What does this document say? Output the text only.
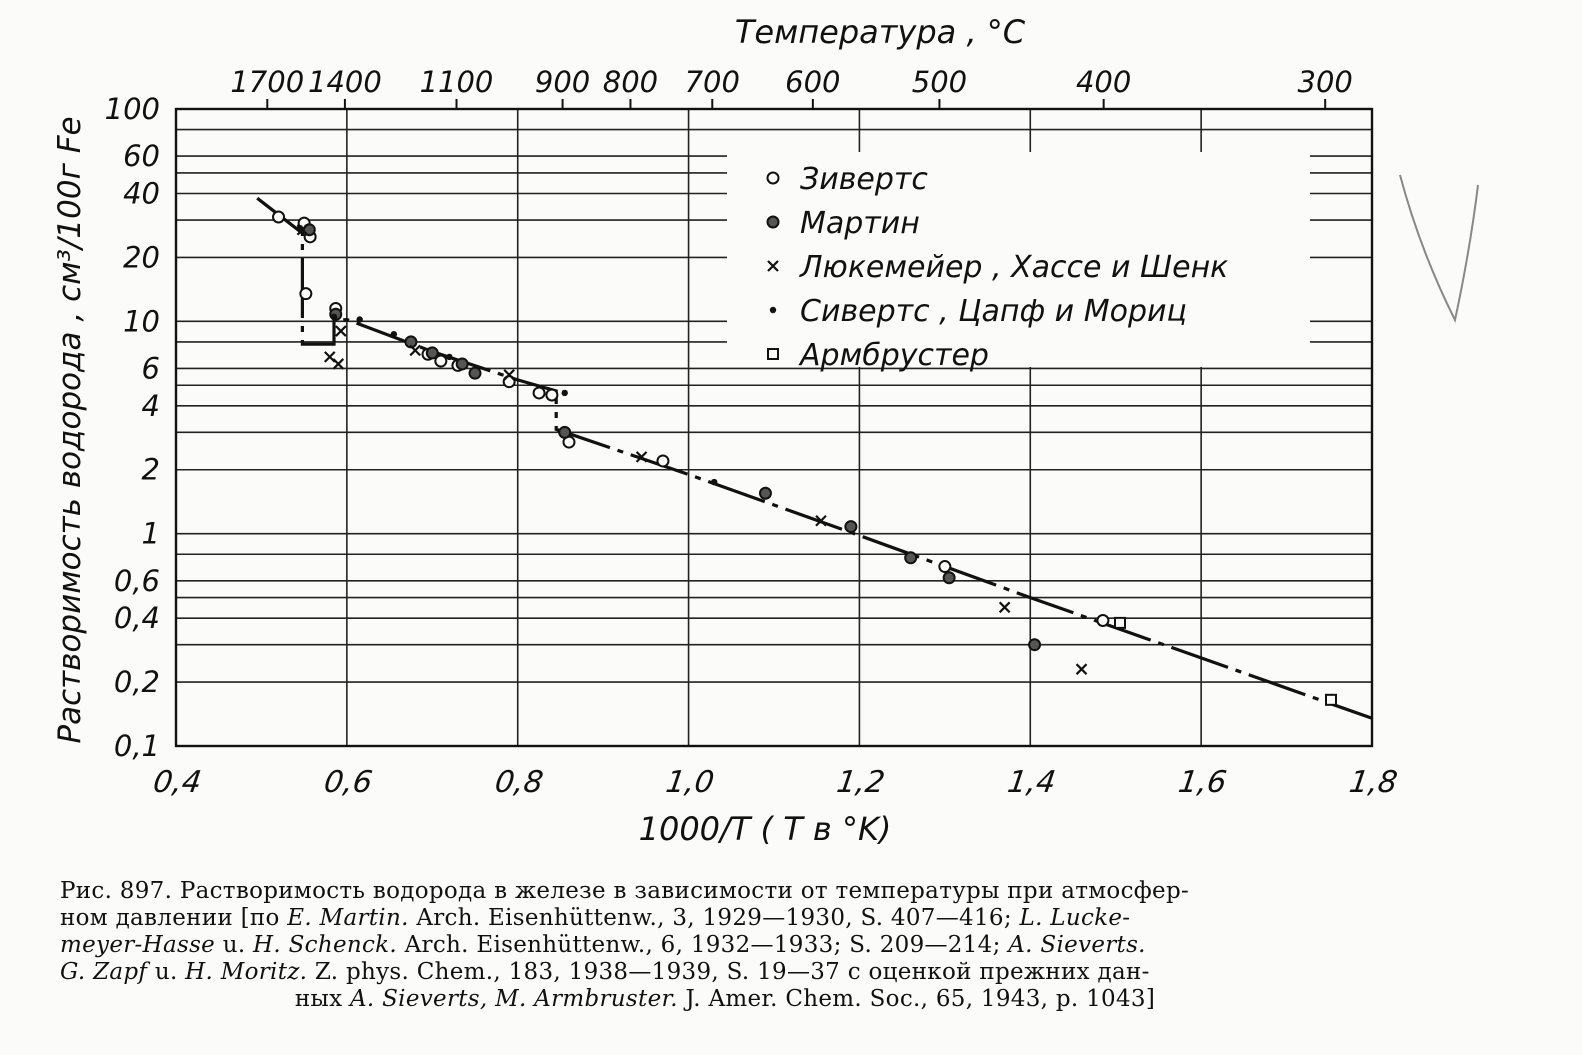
Зивертс
Мартин
Люкемейер , Хассе и Шенк
Сивертс , Цапф и Мориц
Армбрустер
0,4	0,6	0,8	1,0	1,2	1,4	1,6	1,8
100
60
40
20
10
6
4
2
1
0,6
0,4
0,2
0,1
1700 1400 1100 900 800 700 600 500	400	300
Температура , °C
1000/T ( T в °K)
Растворимость водорода , см³/100г Fe

Рис. 897. Растворимость водорода в железе в зависимости от температуры при атмосфер-

ном давлении [по E. Martin. Arch. Eisenhüttenw., 3, 1929—1930, S. 407—416; L. Lucke-

meyer-Hasse u. H. Schenck. Arch. Eisenhüttenw., 6, 1932—1933; S. 209—214; A. Sieverts.

G. Zapf u. H. Moritz. Z. phys. Chem., 183, 1938—1939, S. 19—37 с оценкой прежних дан-

ных A. Sieverts, M. Armbruster. J. Amer. Chem. Soc., 65, 1943, p. 1043]
